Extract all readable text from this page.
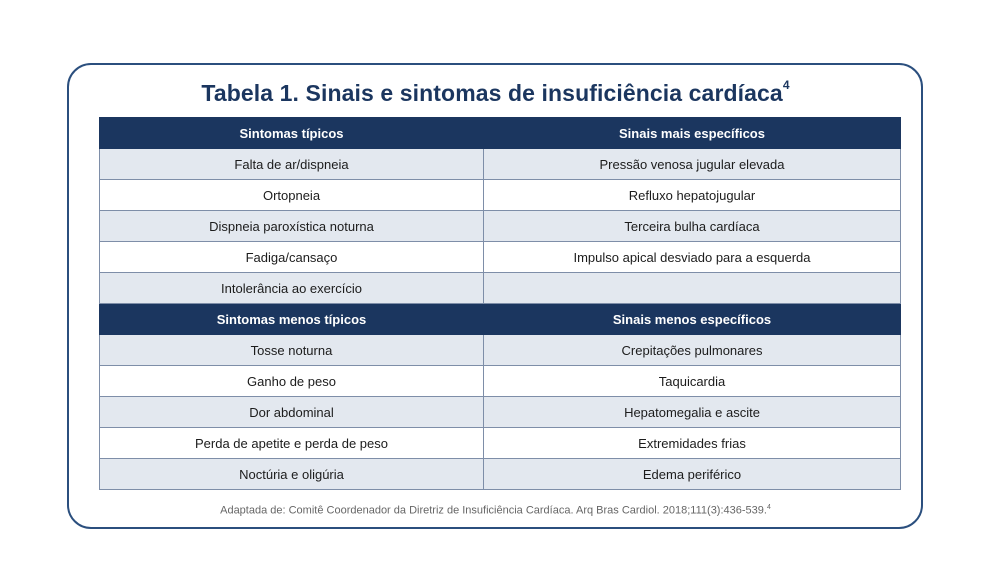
Tabela 1. Sinais e sintomas de insuficiência cardíaca$^4$
Sintomas típicos	Sinais mais específicos
Falta de ar/dispneia	Pressão venosa jugular elevada
Ortopneia	Refluxo hepatojugular
Dispneia paroxística noturna	Terceira bulha cardíaca
Fadiga/cansaço	Impulso apical desviado para a esquerda
Intolerância ao exercício	
Sintomas menos típicos	Sinais menos específicos
Tosse noturna	Crepitações pulmonares
Ganho de peso	Taquicardia
Dor abdominal	Hepatomegalia e ascite
Perda de apetite e perda de peso	Extremidades frias
Noctúria e oligúria	Edema periférico
Adaptada de: Comitê Coordenador da Diretriz de Insuficiência Cardíaca. Arq Bras Cardiol. 2018;111(3):436-539.$^4$
